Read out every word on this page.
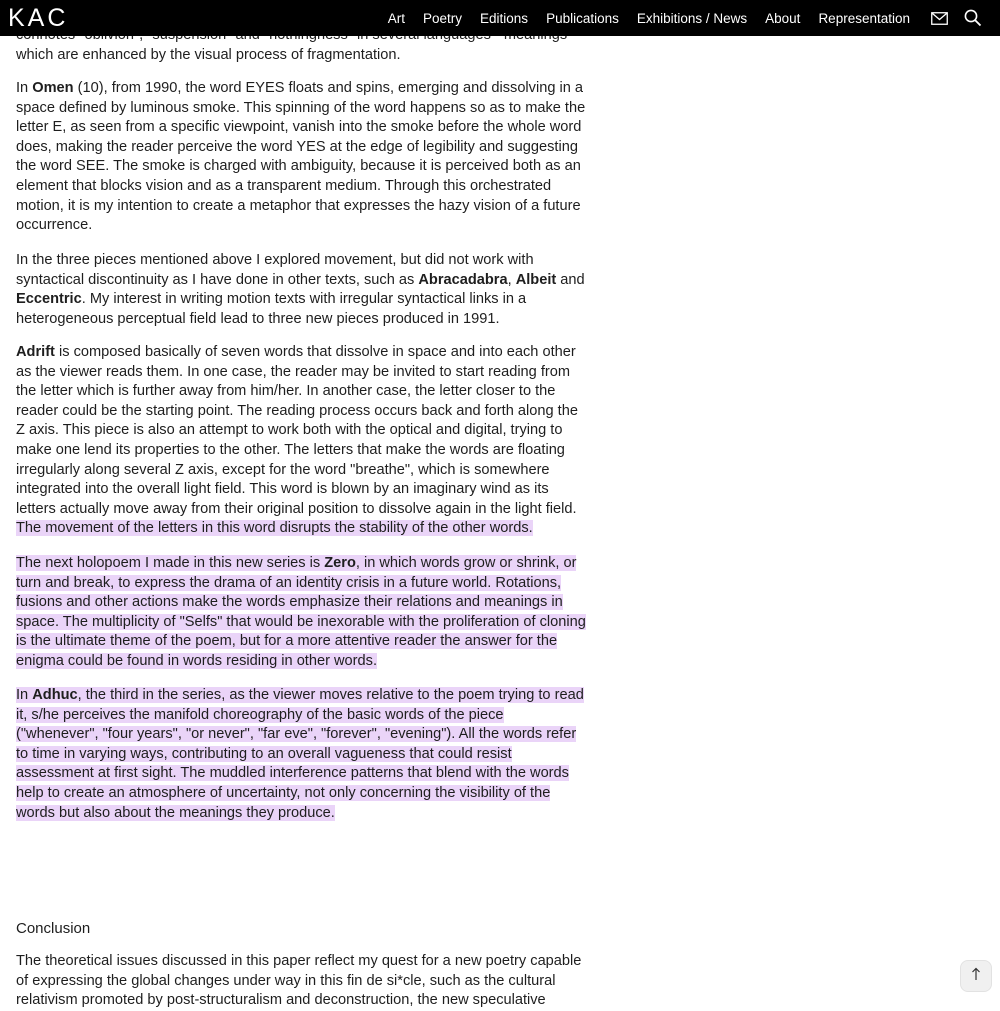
KAC	Art Poetry Editions Publications Exhibitions / News About Representation
which are enhanced by the visual process of fragmentation.
In Omen (10), from 1990, the word EYES floats and spins, emerging and dissolving in a space defined by luminous smoke. This spinning of the word happens so as to make the letter E, as seen from a specific viewpoint, vanish into the smoke before the whole word does, making the reader perceive the word YES at the edge of legibility and suggesting the word SEE. The smoke is charged with ambiguity, because it is perceived both as an element that blocks vision and as a transparent medium. Through this orchestrated motion, it is my intention to create a metaphor that expresses the hazy vision of a future occurrence.
In the three pieces mentioned above I explored movement, but did not work with syntactical discontinuity as I have done in other texts, such as Abracadabra, Albeit and Eccentric. My interest in writing motion texts with irregular syntactical links in a heterogeneous perceptual field lead to three new pieces produced in 1991.
Adrift is composed basically of seven words that dissolve in space and into each other as the viewer reads them. In one case, the reader may be invited to start reading from the letter which is further away from him/her. In another case, the letter closer to the reader could be the starting point. The reading process occurs back and forth along the Z axis. This piece is also an attempt to work both with the optical and digital, trying to make one lend its properties to the other. The letters that make the words are floating irregularly along several Z axis, except for the word "breathe", which is somewhere integrated into the overall light field. This word is blown by an imaginary wind as its letters actually move away from their original position to dissolve again in the light field. The movement of the letters in this word disrupts the stability of the other words.
The next holopoem I made in this new series is Zero, in which words grow or shrink, or turn and break, to express the drama of an identity crisis in a future world. Rotations, fusions and other actions make the words emphasize their relations and meanings in space. The multiplicity of "Selfs" that would be inexorable with the proliferation of cloning is the ultimate theme of the poem, but for a more attentive reader the answer for the enigma could be found in words residing in other words.
In Adhuc, the third in the series, as the viewer moves relative to the poem trying to read it, s/he perceives the manifold choreography of the basic words of the piece ("whenever", "four years", "or never", "far eve", "forever", "evening"). All the words refer to time in varying ways, contributing to an overall vagueness that could resist assessment at first sight. The muddled interference patterns that blend with the words help to create an atmosphere of uncertainty, not only concerning the visibility of the words but also about the meanings they produce.
Conclusion
The theoretical issues discussed in this paper reflect my quest for a new poetry capable
of expressing the global changes under way in this fin de si*cle, such as the cultural
relativism promoted by post-structuralism and deconstruction, the new speculative
